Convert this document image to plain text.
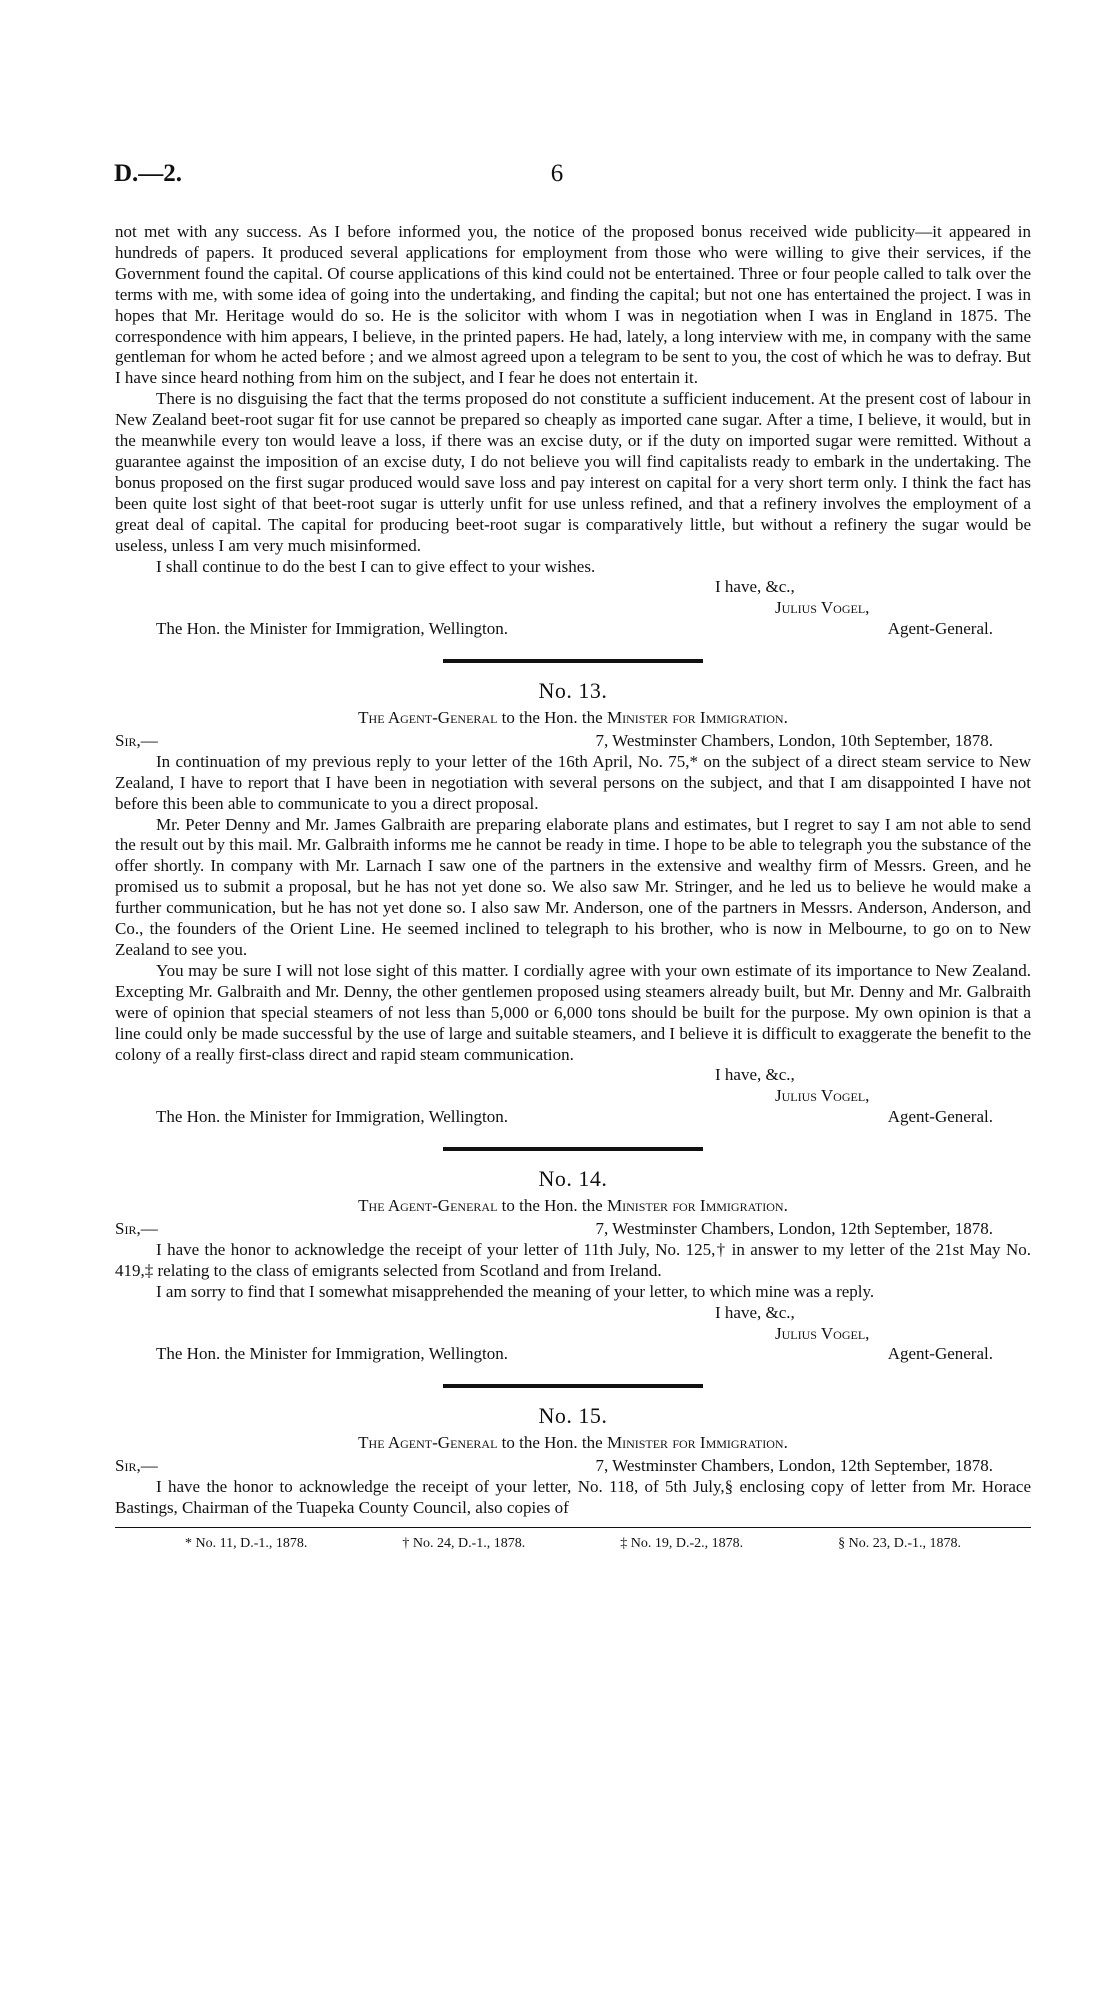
D.—2.	6

not met with any success. As I before informed you, the notice of the proposed bonus received wide publicity—it appeared in hundreds of papers. It produced several applications for employment from those who were willing to give their services, if the Government found the capital. Of course applications of this kind could not be entertained. Three or four people called to talk over the terms with me, with some idea of going into the undertaking, and finding the capital; but not one has entertained the project. I was in hopes that Mr. Heritage would do so. He is the solicitor with whom I was in negotiation when I was in England in 1875. The correspondence with him appears, I believe, in the printed papers. He had, lately, a long interview with me, in company with the same gentleman for whom he acted before ; and we almost agreed upon a telegram to be sent to you, the cost of which he was to defray. But I have since heard nothing from him on the subject, and I fear he does not entertain it.

There is no disguising the fact that the terms proposed do not constitute a sufficient inducement. At the present cost of labour in New Zealand beet-root sugar fit for use cannot be prepared so cheaply as imported cane sugar. After a time, I believe, it would, but in the meanwhile every ton would leave a loss, if there was an excise duty, or if the duty on imported sugar were remitted. Without a guarantee against the imposition of an excise duty, I do not believe you will find capitalists ready to embark in the undertaking. The bonus proposed on the first sugar produced would save loss and pay interest on capital for a very short term only. I think the fact has been quite lost sight of that beet-root sugar is utterly unfit for use unless refined, and that a refinery involves the employment of a great deal of capital. The capital for producing beet-root sugar is comparatively little, but without a refinery the sugar would be useless, unless I am very much misinformed.

I shall continue to do the best I can to give effect to your wishes.

I have, &c.,
Julius Vogel,
The Hon. the Minister for Immigration, Wellington.	Agent-General.
No. 13.
The Agent-General to the Hon. the Minister for Immigration.
Sir,—	7, Westminster Chambers, London, 10th September, 1878.

In continuation of my previous reply to your letter of the 16th April, No. 75,* on the subject of a direct steam service to New Zealand, I have to report that I have been in negotiation with several persons on the subject, and that I am disappointed I have not before this been able to communicate to you a direct proposal.

Mr. Peter Denny and Mr. James Galbraith are preparing elaborate plans and estimates, but I regret to say I am not able to send the result out by this mail. Mr. Galbraith informs me he cannot be ready in time. I hope to be able to telegraph you the substance of the offer shortly. In company with Mr. Larnach I saw one of the partners in the extensive and wealthy firm of Messrs. Green, and he promised us to submit a proposal, but he has not yet done so. We also saw Mr. Stringer, and he led us to believe he would make a further communication, but he has not yet done so. I also saw Mr. Anderson, one of the partners in Messrs. Anderson, Anderson, and Co., the founders of the Orient Line. He seemed inclined to telegraph to his brother, who is now in Melbourne, to go on to New Zealand to see you.

You may be sure I will not lose sight of this matter. I cordially agree with your own estimate of its importance to New Zealand. Excepting Mr. Galbraith and Mr. Denny, the other gentlemen proposed using steamers already built, but Mr. Denny and Mr. Galbraith were of opinion that special steamers of not less than 5,000 or 6,000 tons should be built for the purpose. My own opinion is that a line could only be made successful by the use of large and suitable steamers, and I believe it is difficult to exaggerate the benefit to the colony of a really first-class direct and rapid steam communication.

I have, &c.,
Julius Vogel,
The Hon. the Minister for Immigration, Wellington.	Agent-General.
No. 14.
The Agent-General to the Hon. the Minister for Immigration.
Sir,—	7, Westminster Chambers, London, 12th September, 1878.

I have the honor to acknowledge the receipt of your letter of 11th July, No. 125,† in answer to my letter of the 21st May No. 419,‡ relating to the class of emigrants selected from Scotland and from Ireland.

I am sorry to find that I somewhat misapprehended the meaning of your letter, to which mine was a reply.

I have, &c.,
Julius Vogel,
The Hon. the Minister for Immigration, Wellington.	Agent-General.
No. 15.
The Agent-General to the Hon. the Minister for Immigration.
Sir,—	7, Westminster Chambers, London, 12th September, 1878.

I have the honor to acknowledge the receipt of your letter, No. 118, of 5th July,§ enclosing copy of letter from Mr. Horace Bastings, Chairman of the Tuapeka County Council, also copies of

* No. 11, D.-1., 1878.	† No. 24, D.-1., 1878.	‡ No. 19, D.-2., 1878.	§ No. 23, D.-1., 1878.
